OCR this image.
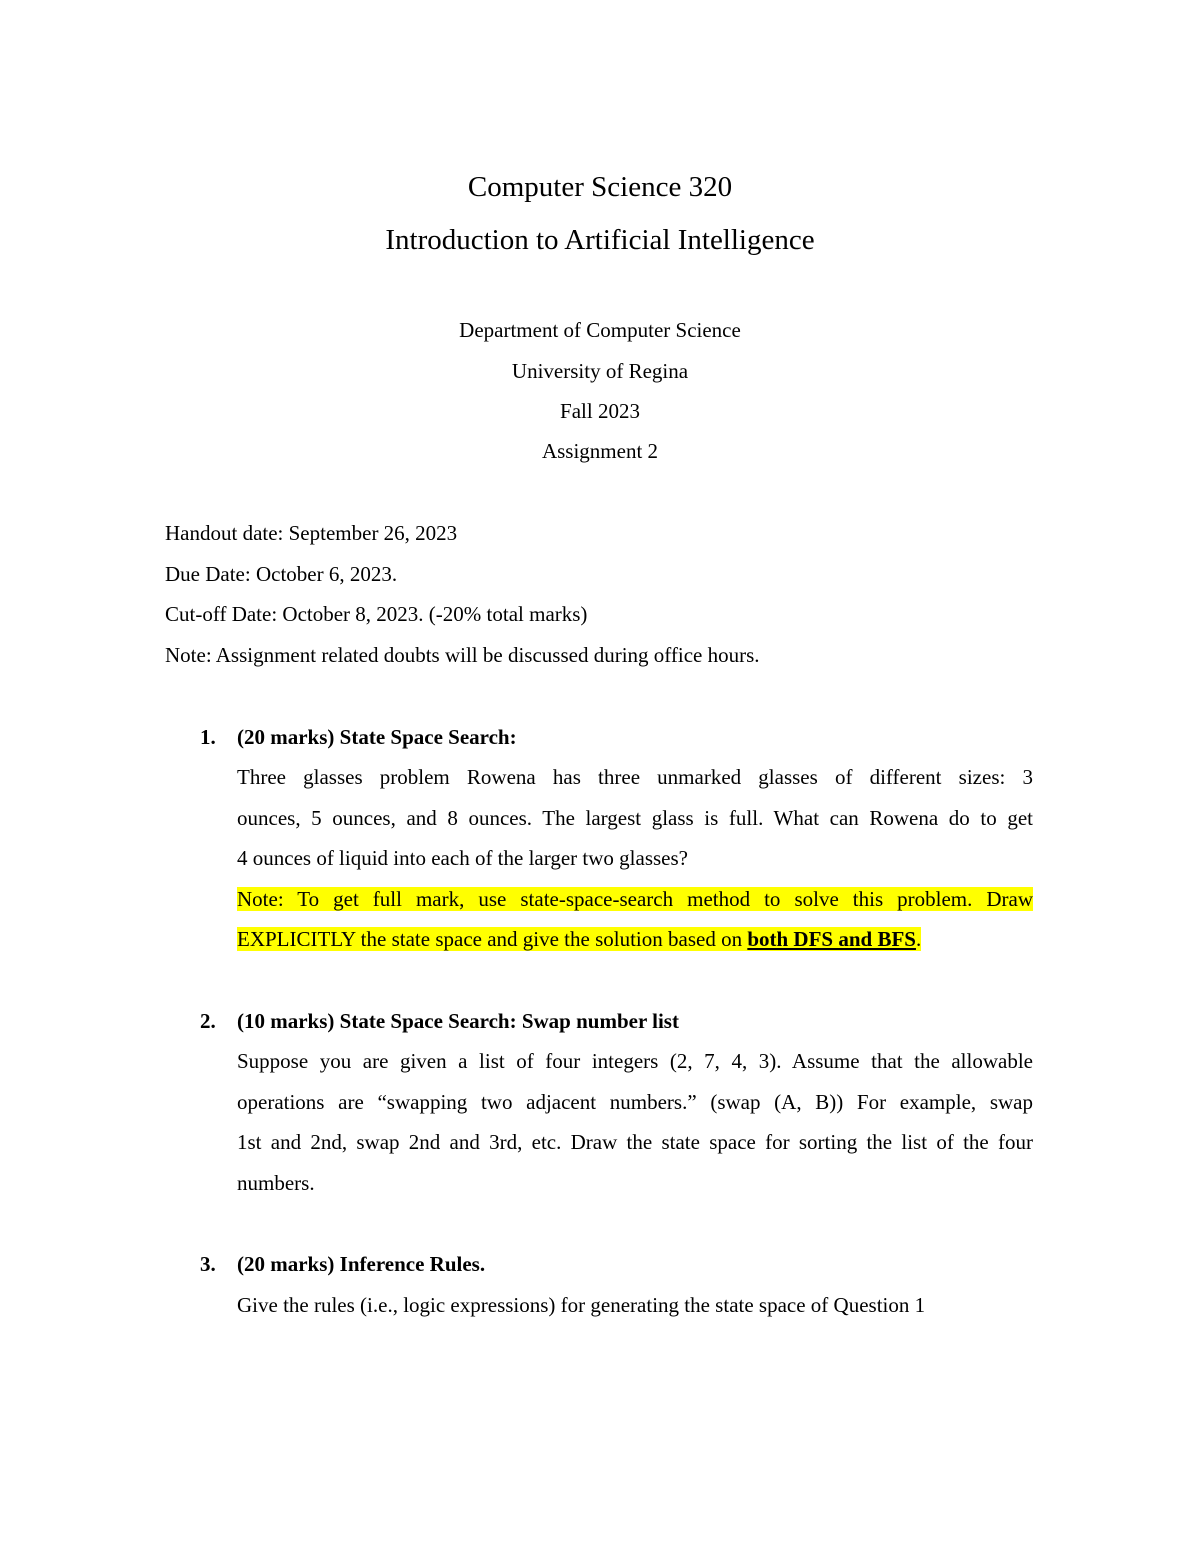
Computer Science 320
Introduction to Artificial Intelligence
Department of Computer Science
University of Regina
Fall 2023
Assignment 2
Handout date: September 26, 2023
Due Date: October 6, 2023.
Cut-off Date: October 8, 2023. (-20% total marks)
Note: Assignment related doubts will be discussed during office hours.
1. (20 marks) State Space Search:
Three glasses problem Rowena has three unmarked glasses of different sizes: 3
ounces, 5 ounces, and 8 ounces. The largest glass is full. What can Rowena do to get
4 ounces of liquid into each of the larger two glasses?
Note: To get full mark, use state-space-search method to solve this problem. Draw
EXPLICITLY the state space and give the solution based on both DFS and BFS.
2. (10 marks) State Space Search: Swap number list
Suppose you are given a list of four integers (2, 7, 4, 3). Assume that the allowable
operations are “swapping two adjacent numbers.” (swap (A, B)) For example, swap
1st and 2nd, swap 2nd and 3rd, etc. Draw the state space for sorting the list of the four
numbers.
3. (20 marks) Inference Rules.
Give the rules (i.e., logic expressions) for generating the state space of Question 1
